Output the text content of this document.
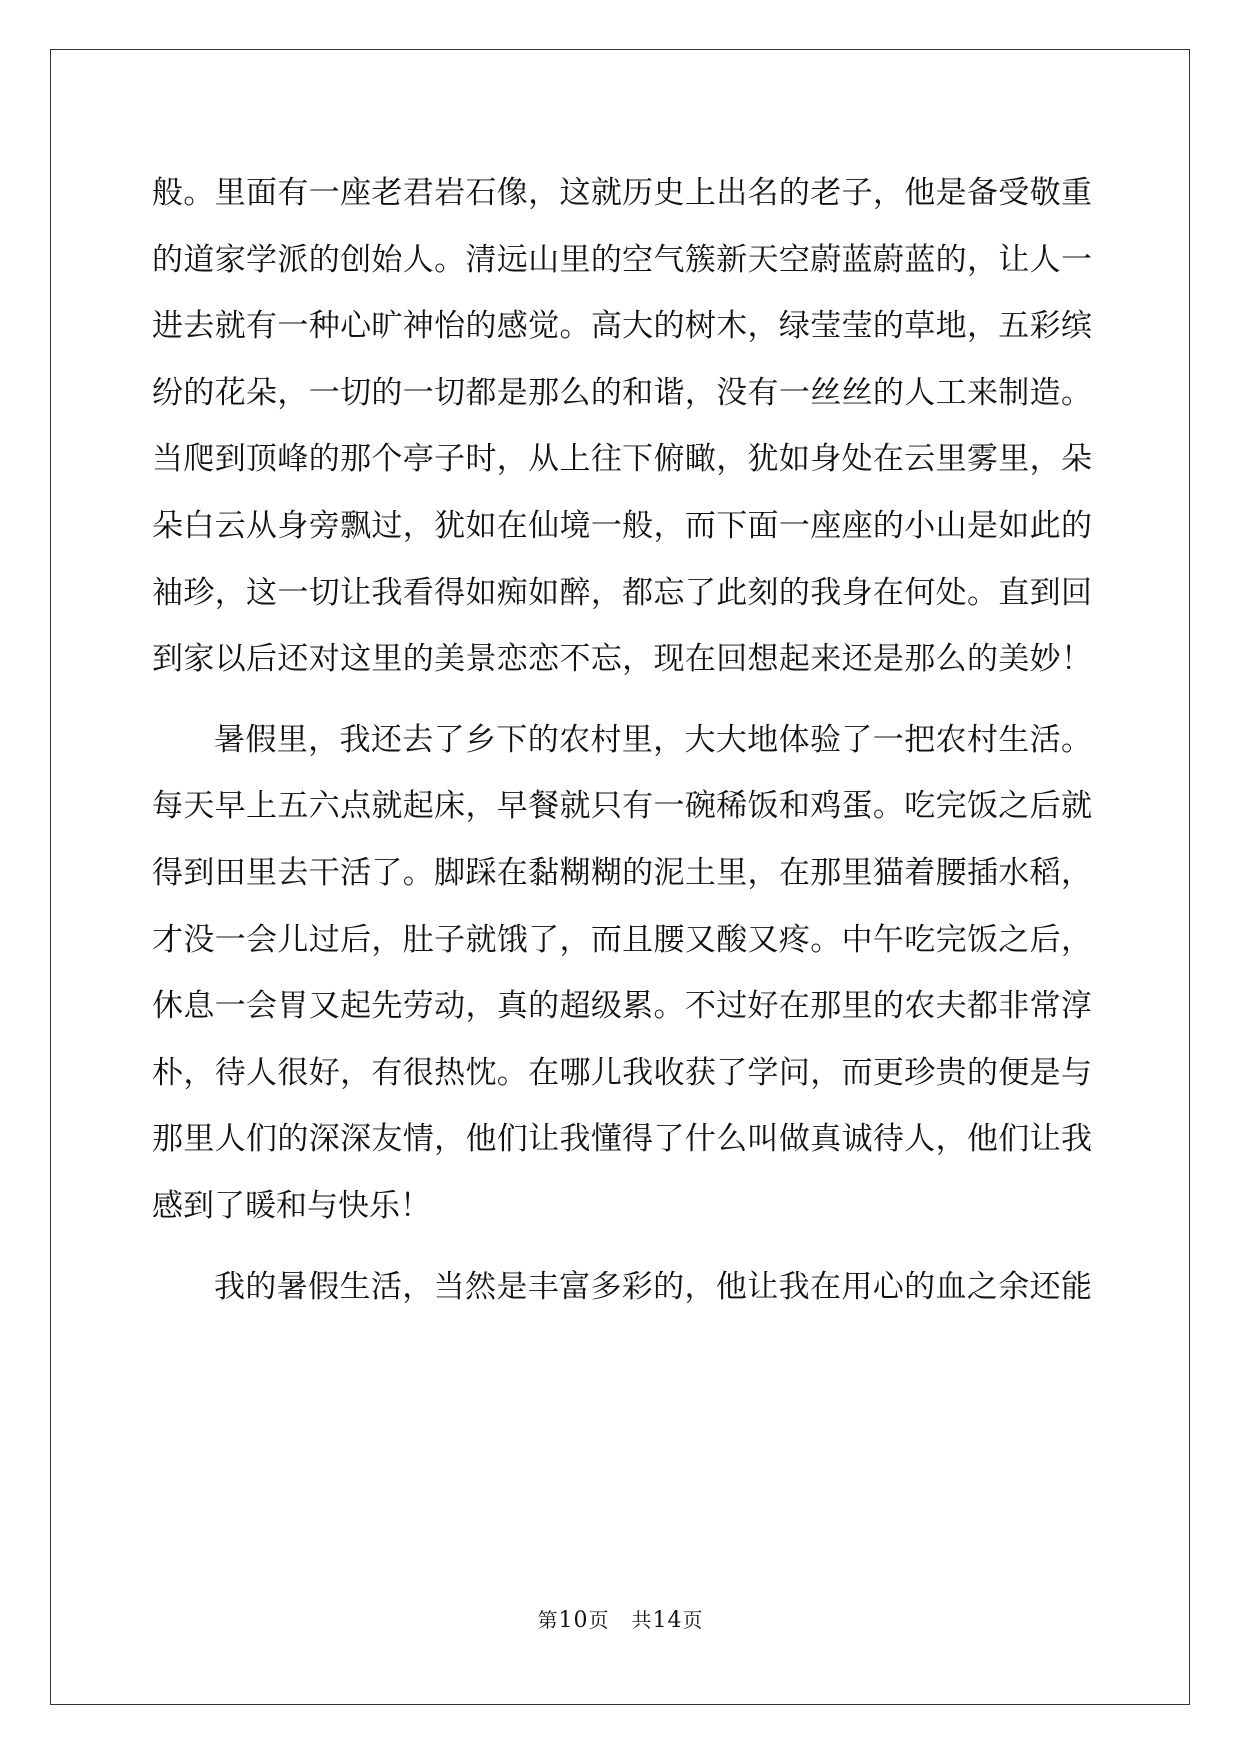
般。里面有一座老君岩石像，这就历史上出名的老子，他是备受敬重
的道家学派的创始人。清远山里的空气簇新天空蔚蓝蔚蓝的，让人一
进去就有一种心旷神怡的感觉。高大的树木，绿莹莹的草地，五彩缤
纷的花朵，一切的一切都是那么的和谐，没有一丝丝的人工来制造。
当爬到顶峰的那个亭子时，从上往下俯瞰，犹如身处在云里雾里，朵
朵白云从身旁飘过，犹如在仙境一般，而下面一座座的小山是如此的
袖珍，这一切让我看得如痴如醉，都忘了此刻的我身在何处。直到回
到家以后还对这里的美景恋恋不忘，现在回想起来还是那么的美妙！
暑假里，我还去了乡下的农村里，大大地体验了一把农村生活。
每天早上五六点就起床，早餐就只有一碗稀饭和鸡蛋。吃完饭之后就
得到田里去干活了。脚踩在黏糊糊的泥土里，在那里猫着腰插水稻，
才没一会儿过后，肚子就饿了，而且腰又酸又疼。中午吃完饭之后，
休息一会胃又起先劳动，真的超级累。不过好在那里的农夫都非常淳
朴，待人很好，有很热忱。在哪儿我收获了学问，而更珍贵的便是与
那里人们的深深友情，他们让我懂得了什么叫做真诚待人，他们让我
感到了暖和与快乐！
我的暑假生活，当然是丰富多彩的，他让我在用心的血之余还能
第10页 共14页
